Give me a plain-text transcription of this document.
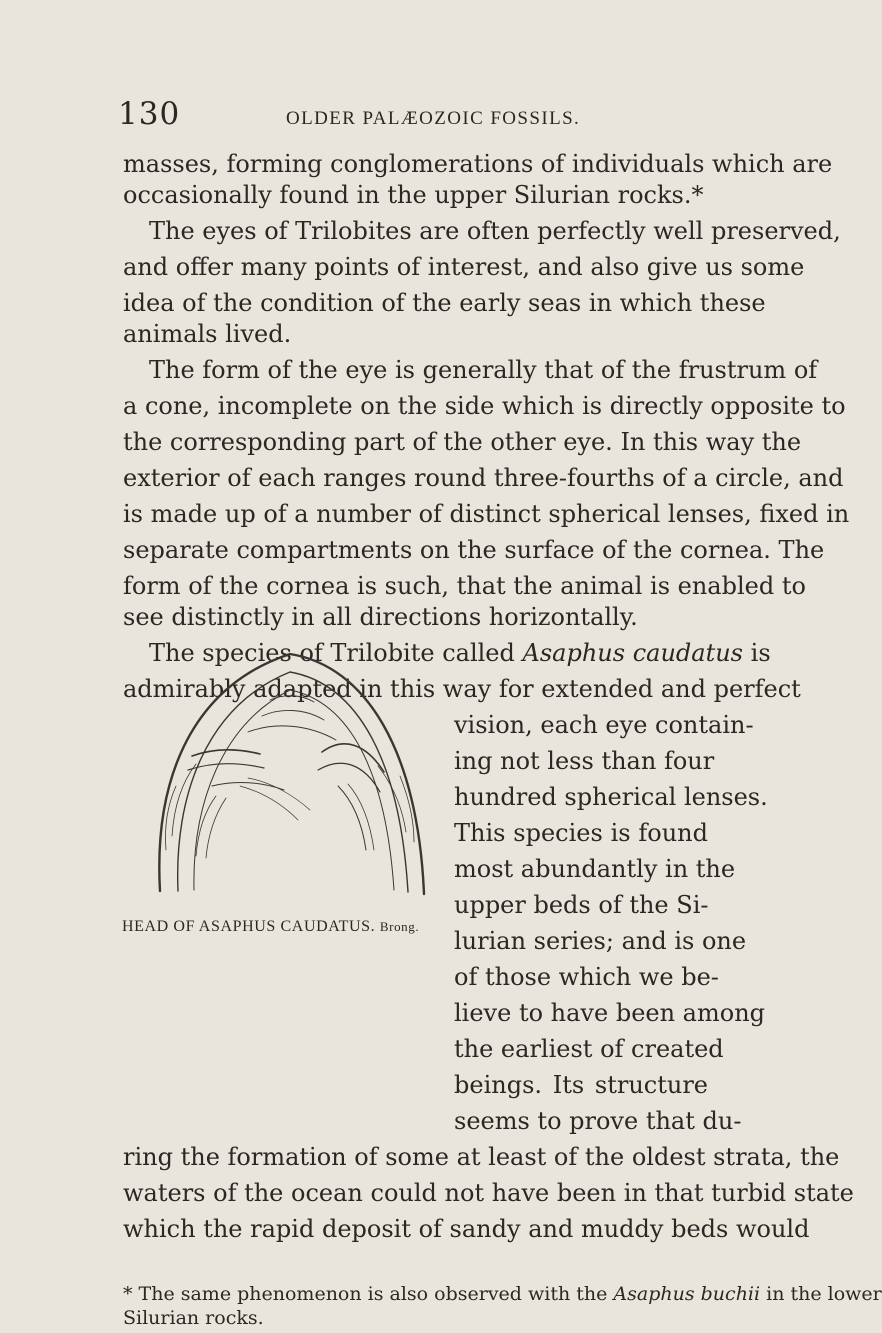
130	OLDER PALÆOZOIC FOSSILS.
masses, forming conglomerations of individuals which are
occasionally found in the upper Silurian rocks.*
The eyes of Trilobites are often perfectly well preserved,
and offer many points of interest, and also give us some
idea of the condition of the early seas in which these
animals lived.
The form of the eye is generally that of the frustrum of
a cone, incomplete on the side which is directly opposite to
the corresponding part of the other eye. In this way the
exterior of each ranges round three-fourths of a circle, and
is made up of a number of distinct spherical lenses, fixed in
separate compartments on the surface of the cornea. The
form of the cornea is such, that the animal is enabled to
see distinctly in all directions horizontally.
The species of Trilobite called Asaphus caudatus is
admirably adapted in this way for extended and perfect
vision, each eye contain-
ing not less than four
hundred spherical lenses.
This species is found
most abundantly in the
upper beds of the Si-
lurian series; and is one
of those which we be-
lieve to have been among
the earliest of created
beings. Its structure
seems to prove that du-
ring the formation of some at least of the oldest strata, the
waters of the ocean could not have been in that turbid state
which the rapid deposit of sandy and muddy beds would
HEAD OF ASAPHUS CAUDATUS. Brong.
* The same phenomenon is also observed with the Asaphus buchii in the lower
Silurian rocks.
